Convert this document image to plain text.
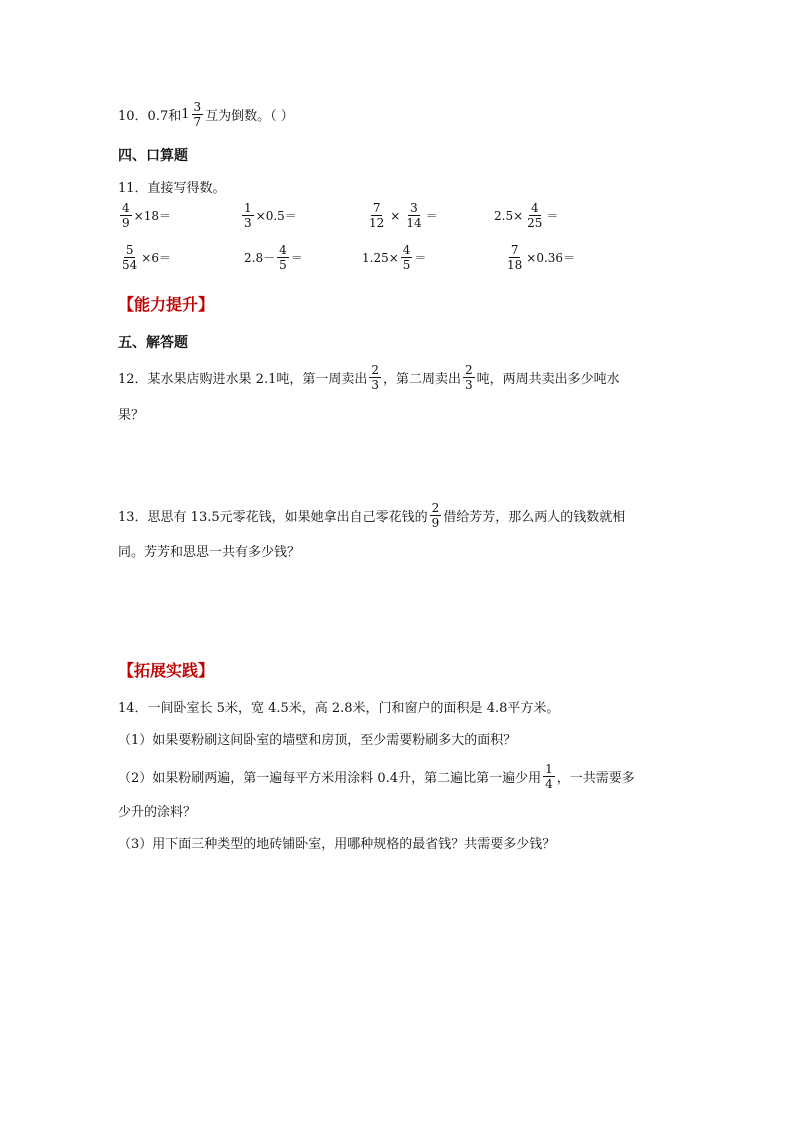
10．0.7和 $1 \frac{3}{7}$ 互为倒数。（ ）
四、口算题
11．直接写得数。
$\frac{4}{9} \times 18=$	$\frac{1}{3} \times 0.5=$	$\frac{7}{12} \times \frac{3}{14}$ ＝	$2.5\times \frac{4}{25}$ ＝
$\frac{5}{54} \times 6=$	$2.8- \frac{4}{5}$ ＝	$1.25\times \frac{4}{5}$ ＝	$\frac{7}{18} \times 0.36=$
【能力提升】
五、解答题
12．某水果店购进水果 2.1吨，第一周卖出 $\frac{2}{3}$ ，第二周卖出 $\frac{2}{3}$ 吨，两周共卖出多少吨水
果？
13．思思有 13.5元零花钱，如果她拿出自己零花钱的 $\frac{2}{9}$ 借给芳芳，那么两人的钱数就相
同。芳芳和思思一共有多少钱？
【拓展实践】
14．一间卧室长 5米，宽 4.5米，高 2.8米，门和窗户的面积是 4.8平方米。
（1）如果要粉刷这间卧室的墙壁和房顶，至少需要粉刷多大的面积？
（2）如果粉刷两遍，第一遍每平方米用涂料 0.4升，第二遍比第一遍少用 $\frac{1}{4}$ ，一共需要多
少升的涂料？
（3）用下面三种类型的地砖铺卧室，用哪种规格的最省钱？共需要多少钱？
